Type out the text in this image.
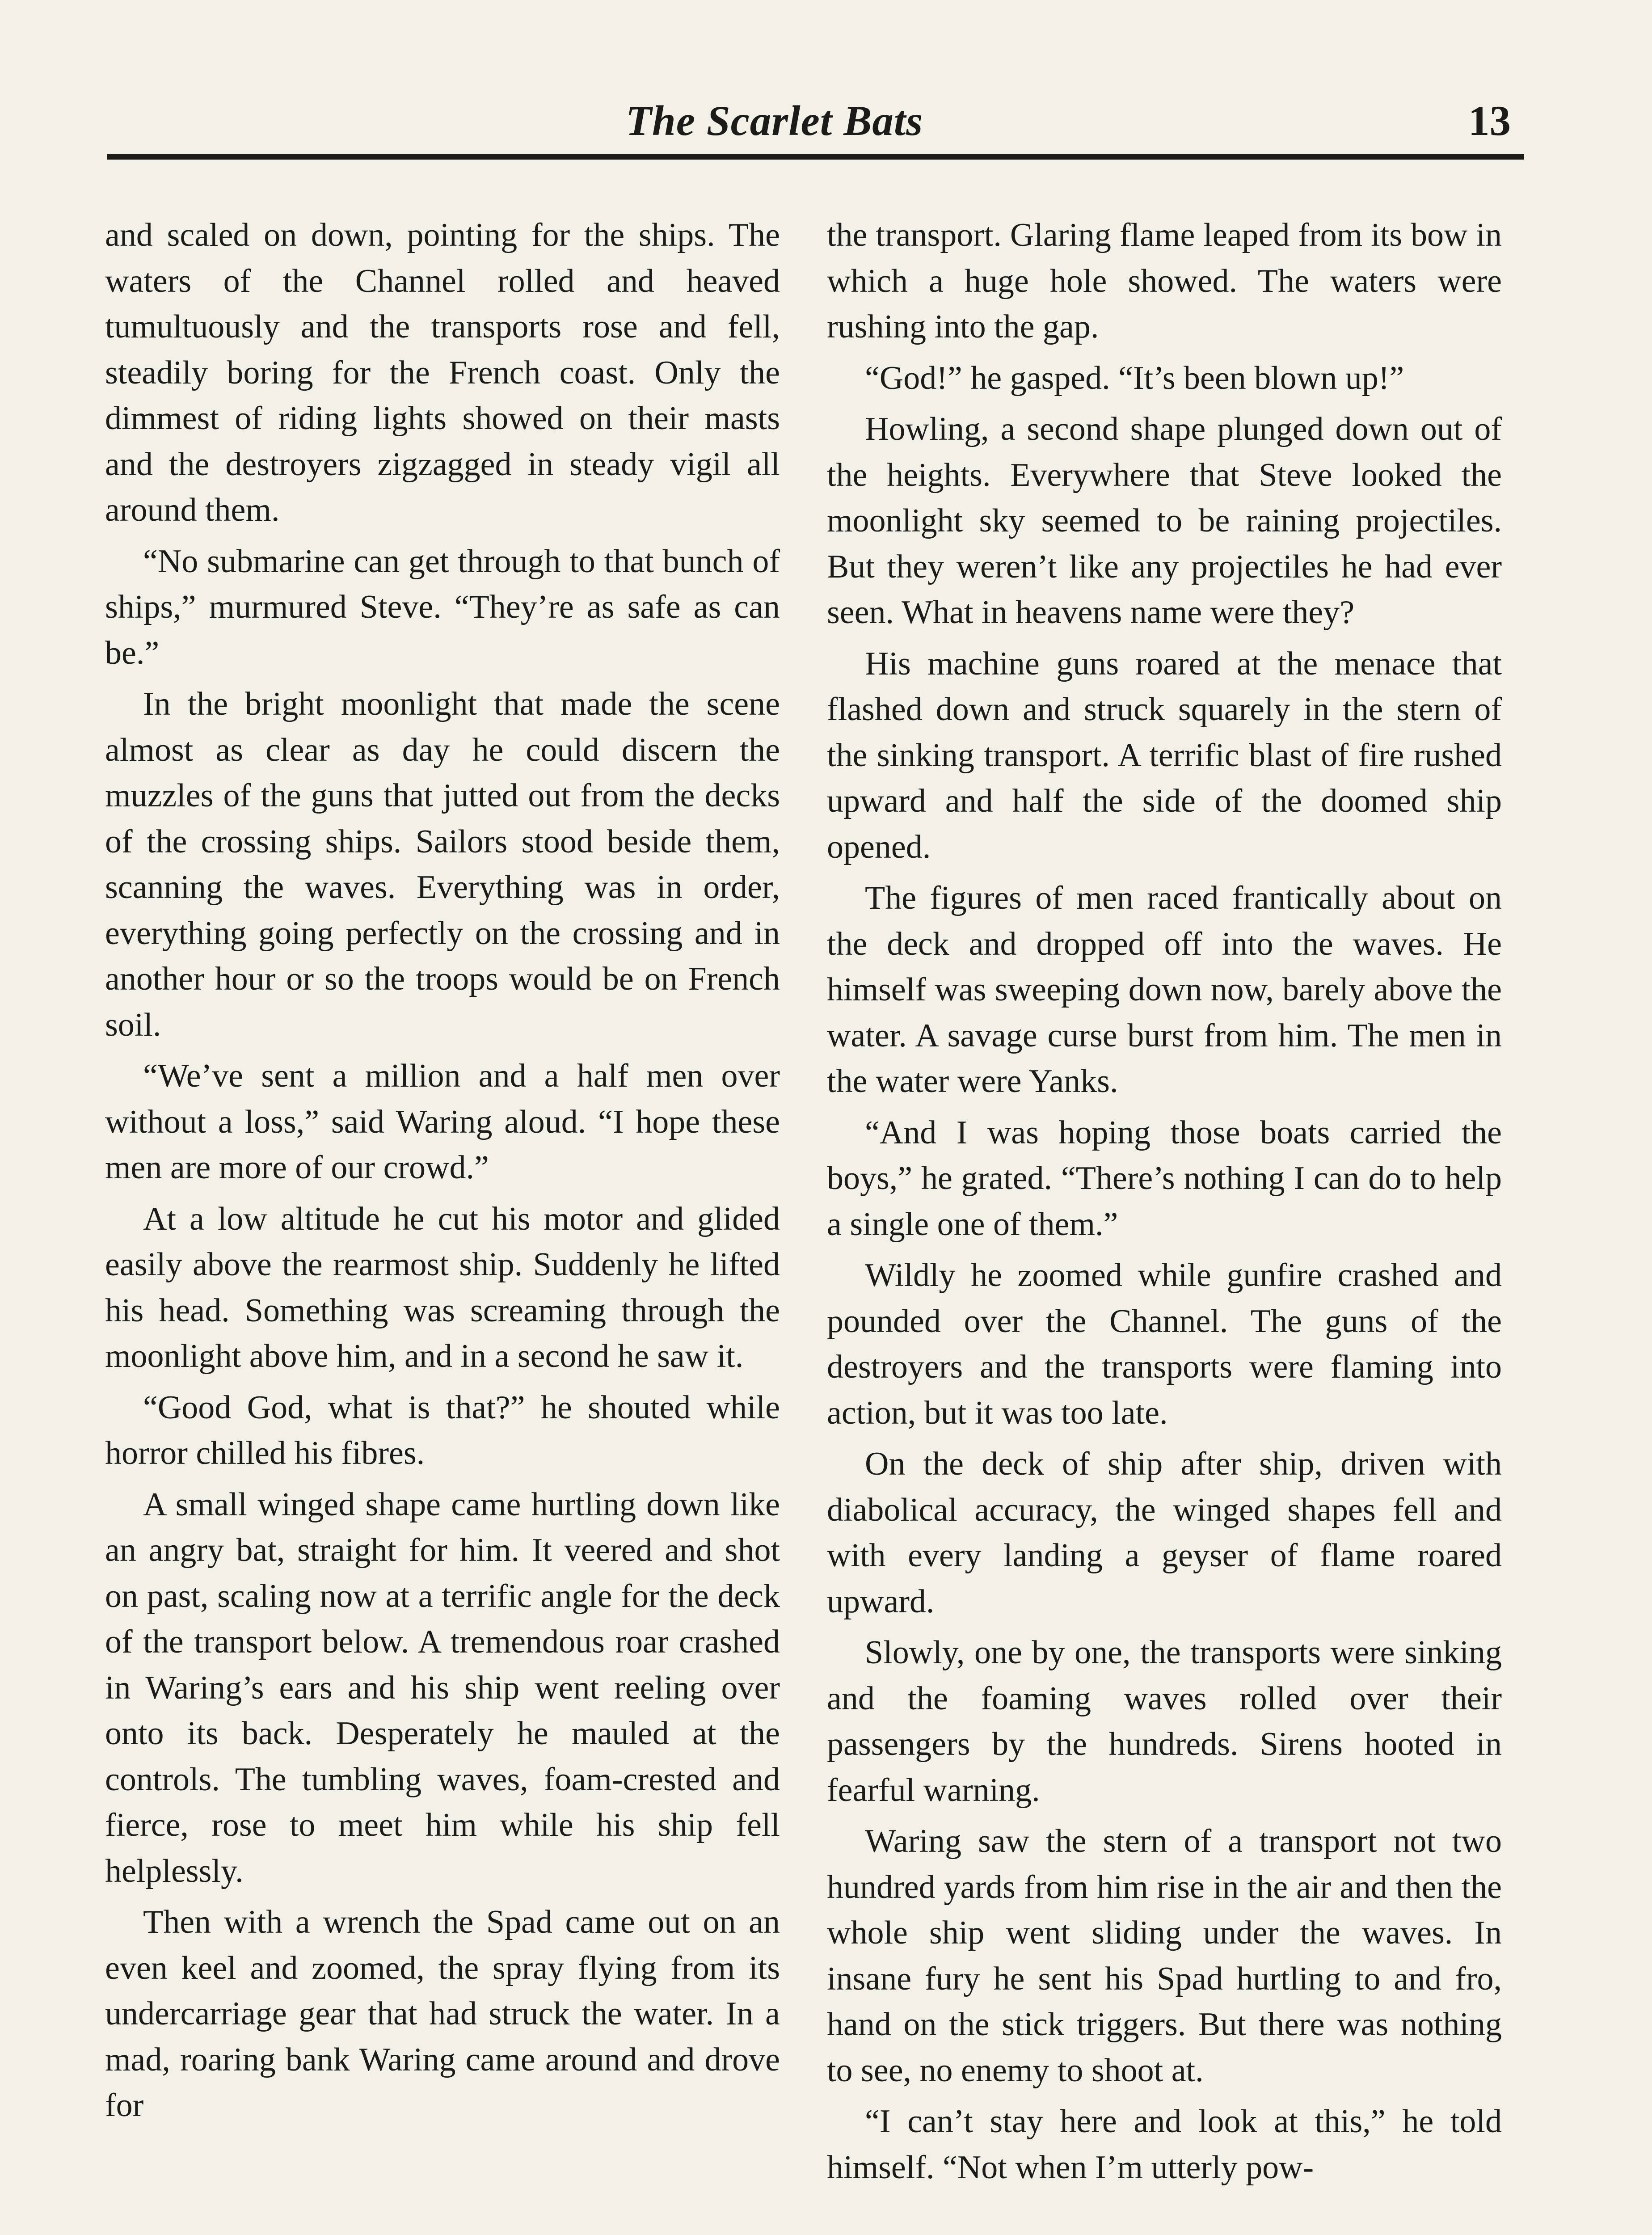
The Scarlet Bats	13

and scaled on down, pointing for the ships. The waters of the Channel rolled and heaved tumultuously and the transports rose and fell, steadily boring for the French coast. Only the dimmest of riding lights showed on their masts and the destroyers zigzagged in steady vigil all around them.

“No submarine can get through to that bunch of ships,” murmured Steve. “They’re as safe as can be.”

In the bright moonlight that made the scene almost as clear as day he could discern the muzzles of the guns that jutted out from the decks of the crossing ships. Sailors stood beside them, scanning the waves. Everything was in order, everything going perfectly on the crossing and in another hour or so the troops would be on French soil.

“We’ve sent a million and a half men over without a loss,” said Waring aloud. “I hope these men are more of our crowd.”

At a low altitude he cut his motor and glided easily above the rearmost ship. Suddenly he lifted his head. Something was screaming through the moonlight above him, and in a second he saw it.

“Good God, what is that?” he shouted while horror chilled his fibres.

A small winged shape came hurtling down like an angry bat, straight for him. It veered and shot on past, scaling now at a terrific angle for the deck of the transport below. A tremendous roar crashed in Waring’s ears and his ship went reeling over onto its back. Desperately he mauled at the controls. The tumbling waves, foam-crested and fierce, rose to meet him while his ship fell helplessly.

Then with a wrench the Spad came out on an even keel and zoomed, the spray flying from its undercarriage gear that had struck the water. In a mad, roaring bank Waring came around and drove for

the transport. Glaring flame leaped from its bow in which a huge hole showed. The waters were rushing into the gap.

“God!” he gasped. “It’s been blown up!”

Howling, a second shape plunged down out of the heights. Everywhere that Steve looked the moonlight sky seemed to be raining projectiles. But they weren’t like any projectiles he had ever seen. What in heavens name were they?

His machine guns roared at the menace that flashed down and struck squarely in the stern of the sinking transport. A terrific blast of fire rushed upward and half the side of the doomed ship opened.

The figures of men raced frantically about on the deck and dropped off into the waves. He himself was sweeping down now, barely above the water. A savage curse burst from him. The men in the water were Yanks.

“And I was hoping those boats carried the boys,” he grated. “There’s nothing I can do to help a single one of them.”

Wildly he zoomed while gunfire crashed and pounded over the Channel. The guns of the destroyers and the transports were flaming into action, but it was too late.

On the deck of ship after ship, driven with diabolical accuracy, the winged shapes fell and with every landing a geyser of flame roared upward.

Slowly, one by one, the transports were sinking and the foaming waves rolled over their passengers by the hundreds. Sirens hooted in fearful warning.

Waring saw the stern of a transport not two hundred yards from him rise in the air and then the whole ship went sliding under the waves. In insane fury he sent his Spad hurtling to and fro, hand on the stick triggers. But there was nothing to see, no enemy to shoot at.

“I can’t stay here and look at this,” he told himself. “Not when I’m utterly pow-
